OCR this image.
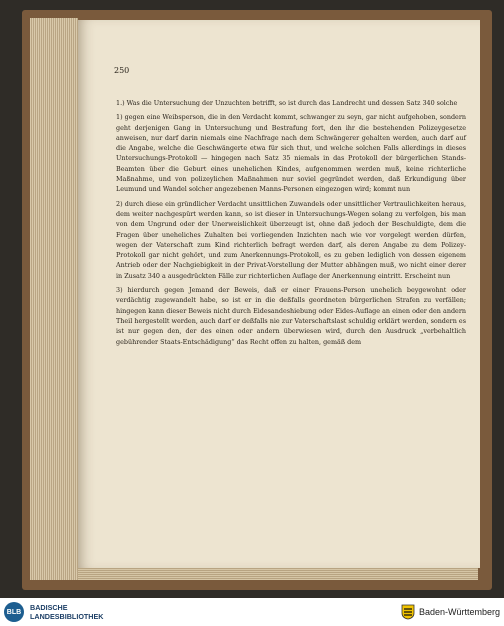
250

1.) Was die Untersuchung der Unzuchten betrifft, so ist durch das Landrecht und dessen Satz 340 solche

1) gegen eine Weibsperson, die in den Verdacht kommt, schwanger zu seyn, gar nicht aufgehoben, sondern geht derjenigen Gang in Untersuchung und Bestrafung fort, den ihr die bestehenden Polizeygesetze anweisen, nur darf darin niemals eine Nachfrage nach dem Schwängerer gehalten werden, auch darf auf die Angabe, welche die Geschwängerte etwa für sich thut, und welche solchen Falls allerdings in dieses Untersuchungs-Protokoll — hingegen nach Satz 35 niemals in das Protokoll der bürgerlichen Stands-Beamten über die Geburt eines unehelichen Kindes, aufgenommen werden muß, keine richterliche Maßnahme, und von polizeylichen Maßnahmen nur soviel gegründet werden, daß Erkundigung über Leumund und Wandel solcher angezebenen Manns-Personen eingezogen wird; kommt nun

2) durch diese ein gründlicher Verdacht unsittlichen Zuwandels oder unsittlicher Vertraulichkeiten heraus, dem weiter nachgespürt werden kann, so ist dieser in Untersuchungs-Wegen solang zu verfolgen, bis man von dem Ungrund oder der Unerweislichkeit überzeugt ist, ohne daß jedoch der Beschuldigte, dem die Fragen über uneheliches Zuhalten bei vorliegenden Inzichten nach wie vor vorgelegt werden dürfen, wegen der Vaterschaft zum Kind richterlich befragt werden darf, als deren Angabe zu dem Polizey-Protokoll gar nicht gehört, und zum Anerkennungs-Protokoll, es zu geben lediglich von dessen eigenem Antrieb oder der Nachgiebigkeit in der Privat-Vorstellung der Mutter abhängen muß, wo nicht einer derer in Zusatz 340 a ausgedrückten Fälle zur richterlichen Auflage der Anerkennung eintritt. Erscheint nun

3) hierdurch gegen Jemand der Beweis, daß er einer Frauens-Person unehelich beygewohnt oder verdächtig zugewandelt habe, so ist er in die deßfalls geordneten bürgerlichen Strafen zu verfällen; hingegen kann dieser Beweis nicht durch Eidesandeshiebung oder Eides-Auflage an einen oder den andern Theil hergestellt werden, auch darf er deßfalls nie zur Vaterschaftslast schuldig erklärt werden, sondern es ist nur gegen den, der des einen oder andern überwiesen wird, durch den Ausdruck „verbehaltlich gebührender Staats-Entschädigung“ das Recht offen zu halten, gemäß dem

BLB	BADISCHE
LANDESBIBLIOTHEK	Baden-Württemberg
